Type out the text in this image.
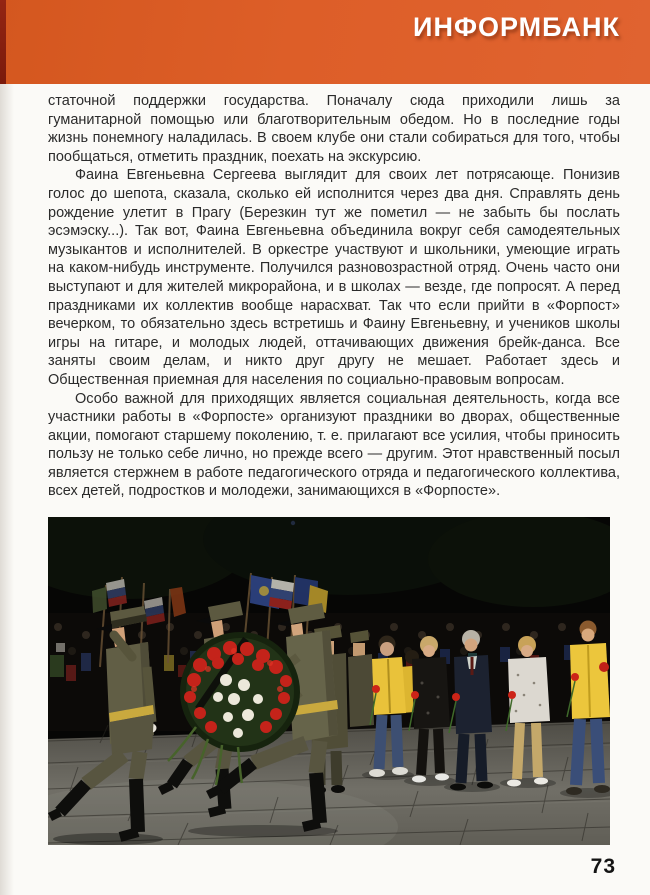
ИНФОРМБАНК

статочной поддержки государства. Поначалу сюда приходили лишь за гуманитарной помощью или благотворительным обедом. Но в последние годы жизнь понемногу наладилась. В своем клубе они стали собираться для того, чтобы пообщаться, отметить праздник, поехать на экскурсию.

Фаина Евгеньевна Сергеева выглядит для своих лет потрясающе. Понизив голос до шепота, сказала, сколько ей исполнится через два дня. Справлять день рождение улетит в Прагу (Березкин тут же пометил — не забыть бы послать эсэмэску...). Так вот, Фаина Евгеньевна объединила вокруг себя самодеятельных музыкантов и исполнителей. В оркестре участвуют и школьники, умеющие играть на каком-нибудь инструменте. Получился разновозрастной отряд. Очень часто они выступают и для жителей микрорайона, и в школах — везде, где попросят. А перед праздниками их коллектив вообще нарасхват. Так что если прийти в «Форпост» вечерком, то обязательно здесь встретишь и Фаину Евгеньевну, и учеников школы игры на гитаре, и молодых людей, оттачивающих движения брейк-данса. Все заняты своим делам, и никто друг другу не мешает. Работает здесь и Общественная приемная для населения по социально-правовым вопросам.

Особо важной для приходящих является социальная деятельность, когда все участники работы в «Форпосте» организуют праздники во дворах, общественные акции, помогают старшему поколению, т. е. прилагают все усилия, чтобы приносить пользу не только себе лично, но прежде всего — другим. Этот нравственный посыл является стержнем в работе педагогического отряда и педагогического коллектива, всех детей, подростков и молодежи, занимающихся в «Форпосте».

73
